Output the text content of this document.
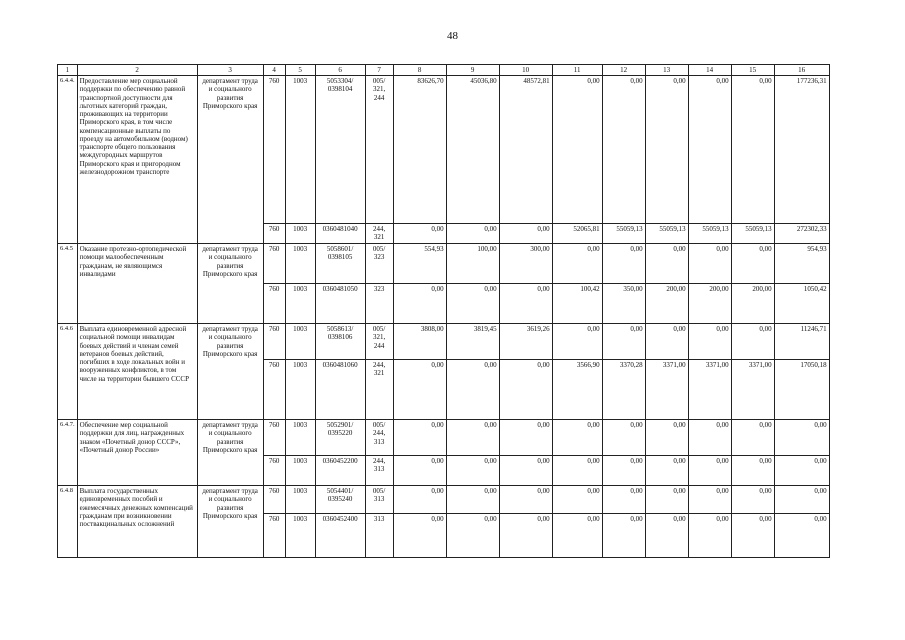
48
1	2	3	4	5	6	7	8	9	10	11	12	13	14	15	16
6.4.4.	Предоставление мер социальной поддержки по обеспечению равной транспортной доступности для льготных категорий граждан, проживающих на территории Приморского края, в том числе компенсационные выплаты по проезду на автомобильном (водном) транспорте общего пользования междугородных маршрутов Приморского края и пригородном железнодорожном транспорте	департамент труда и социального развития Приморского края	760	1003	5053304/ 0398104	005/ 321, 244	83626,70	45036,80	48572,81	0,00	0,00	0,00	0,00	0,00	177236,31
			760	1003	0360481040	244, 321	0,00	0,00	0,00	52065,81	55059,13	55059,13	55059,13	55059,13	272302,33
6.4.5	Оказание протезно-ортопедической помощи малообеспеченным гражданам, не являющимся инвалидами	департамент труда и социального развития Приморского края	760	1003	5058601/ 0398105	005/ 323	554,93	100,00	300,00	0,00	0,00	0,00	0,00	0,00	954,93
			760	1003	0360481050	323	0,00	0,00	0,00	100,42	350,00	200,00	200,00	200,00	1050,42
6.4.6	Выплата единовременной адресной социальной помощи инвалидам боевых действий и членам семей ветеранов боевых действий, погибших в ходе локальных войн и вооруженных конфликтов, в том числе на территории бывшего СССР	департамент труда и социального развития Приморского края	760	1003	5058613/ 0398106	005/ 321, 244	3808,00	3819,45	3619,26	0,00	0,00	0,00	0,00	0,00	11246,71
			760	1003	0360481060	244, 321	0,00	0,00	0,00	3566,90	3370,28	3371,00	3371,00	3371,00	17050,18
6.4.7.	Обеспечение мер социальной поддержки для лиц, награжденных знаком «Почетный донор СССР», «Почетный донор России»	департамент труда и социального развития Приморского края	760	1003	5052901/ 0395220	005/ 244, 313	0,00	0,00	0,00	0,00	0,00	0,00	0,00	0,00	0,00
			760	1003	0360452200	244, 313	0,00	0,00	0,00	0,00	0,00	0,00	0,00	0,00	0,00
6.4.8	Выплата государственных единовременных пособий и ежемесячных денежных компенсаций гражданам при возникновении поствакцинальных осложнений	департамент труда и социального развития Приморского края	760	1003	5054401/ 0395240	005/ 313	0,00	0,00	0,00	0,00	0,00	0,00	0,00	0,00	0,00
			760	1003	0360452400	313	0,00	0,00	0,00	0,00	0,00	0,00	0,00	0,00	0,00
